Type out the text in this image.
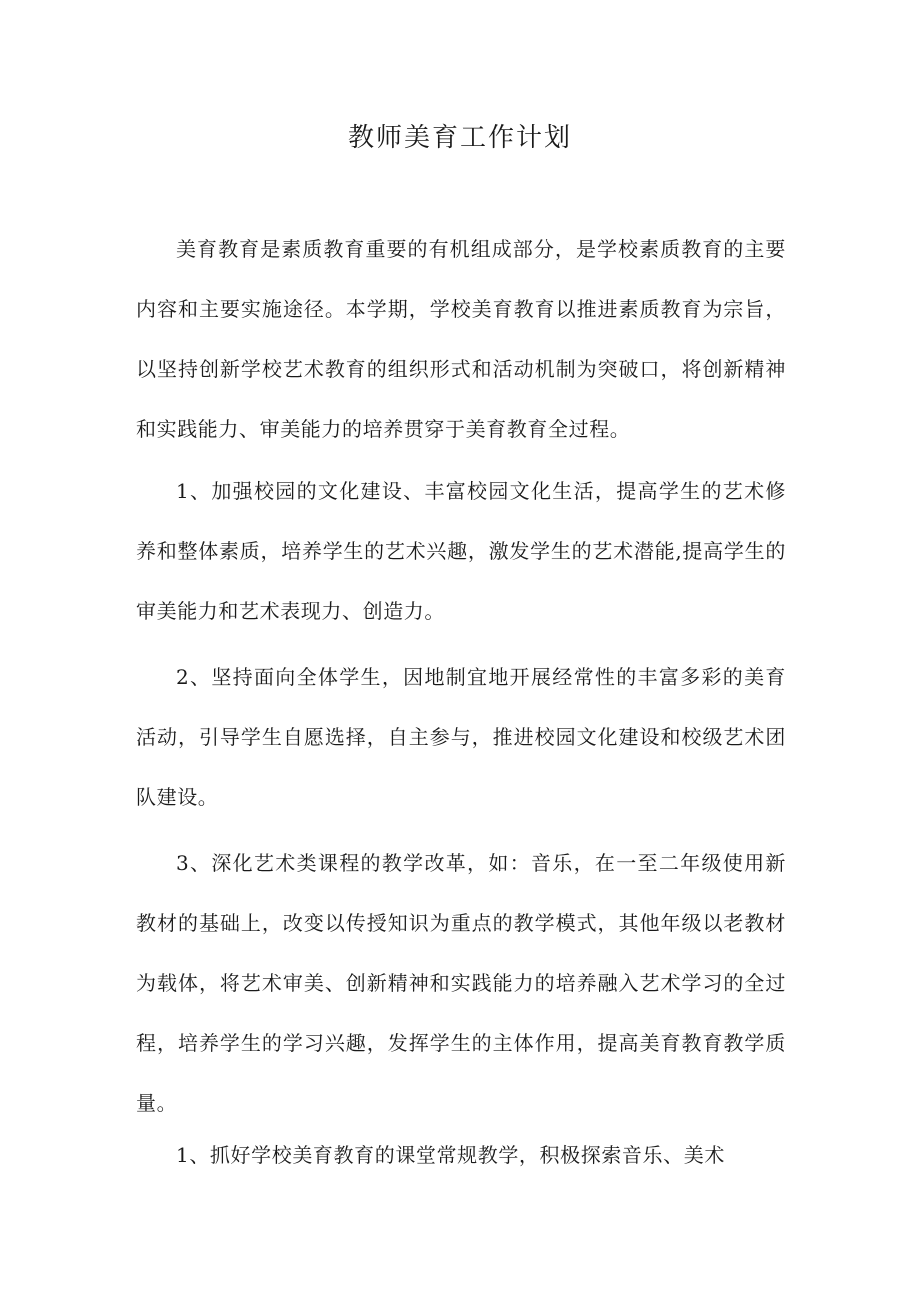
教师美育工作计划

美育教育是素质教育重要的有机组成部分，是学校素质教育的主要内容和主要实施途径。本学期，学校美育教育以推进素质教育为宗旨，以坚持创新学校艺术教育的组织形式和活动机制为突破口，将创新精神和实践能力、审美能力的培养贯穿于美育教育全过程。

1、加强校园的文化建设、丰富校园文化生活，提高学生的艺术修养和整体素质，培养学生的艺术兴趣，激发学生的艺术潜能,提高学生的审美能力和艺术表现力、创造力。

2、坚持面向全体学生，因地制宜地开展经常性的丰富多彩的美育活动，引导学生自愿选择，自主参与，推进校园文化建设和校级艺术团队建设。

3、深化艺术类课程的教学改革，如：音乐，在一至二年级使用新教材的基础上，改变以传授知识为重点的教学模式，其他年级以老教材为载体，将艺术审美、创新精神和实践能力的培养融入艺术学习的全过程，培养学生的学习兴趣，发挥学生的主体作用，提高美育教育教学质量。

1、抓好学校美育教育的课堂常规教学，积极探索音乐、美术
